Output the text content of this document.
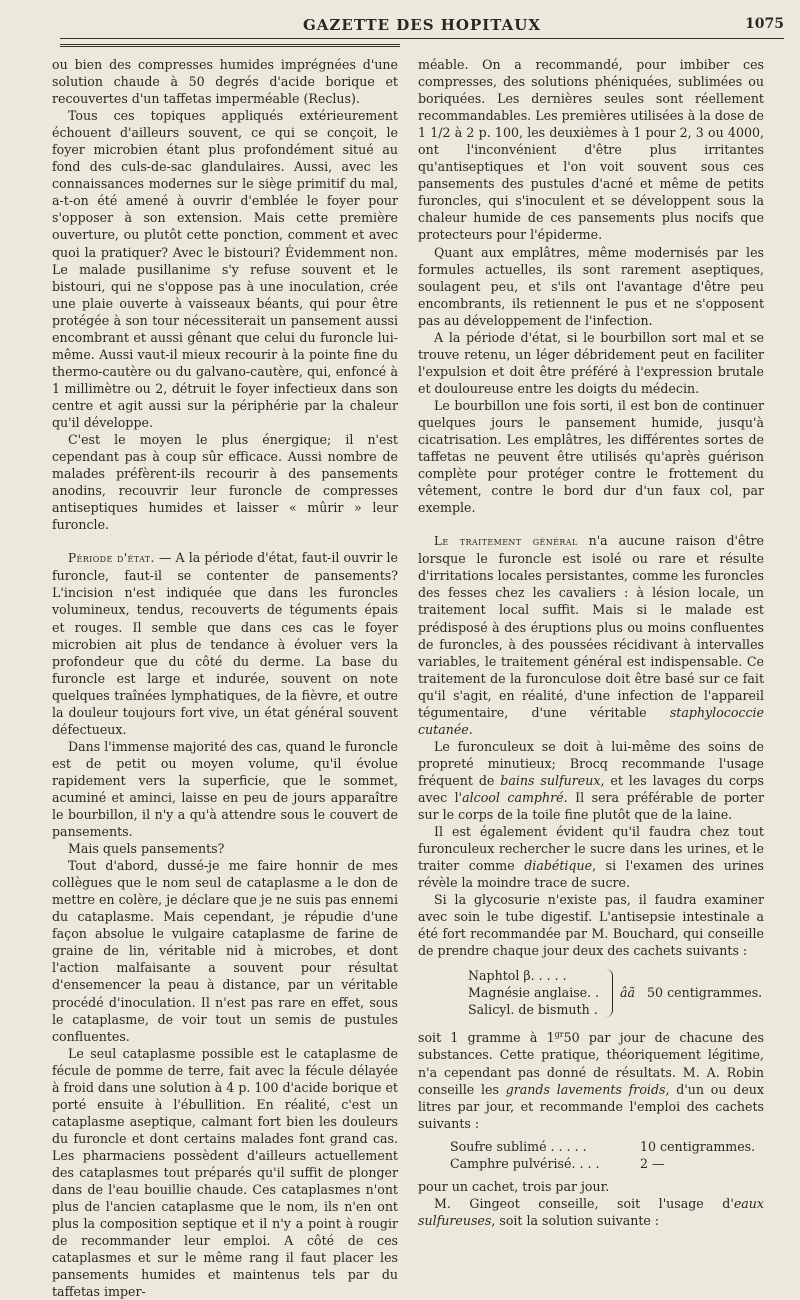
GAZETTE DES HOPITAUX	1075

ou bien des compresses humides imprégnées d'une solution chaude à 50 degrés d'acide borique et recouvertes d'un taffetas imperméable (Reclus).

Tous ces topiques appliqués extérieurement échouent d'ailleurs souvent, ce qui se conçoit, le foyer microbien étant plus profondément situé au fond des culs-de-sac glandulaires. Aussi, avec les connaissances modernes sur le siège primitif du mal, a-t-on été amené à ouvrir d'emblée le foyer pour s'opposer à son extension. Mais cette première ouverture, ou plutôt cette ponction, comment et avec quoi la pratiquer? Avec le bistouri? Évidemment non. Le malade pusillanime s'y refuse souvent et le bistouri, qui ne s'oppose pas à une inoculation, crée une plaie ouverte à vaisseaux béants, qui pour être protégée à son tour nécessiterait un pansement aussi encombrant et aussi gênant que celui du furoncle lui-même. Aussi vaut-il mieux recourir à la pointe fine du thermo-cautère ou du galvano-cautère, qui, enfoncé à 1 millimètre ou 2, détruit le foyer infectieux dans son centre et agit aussi sur la périphérie par la chaleur qu'il développe.

C'est le moyen le plus énergique; il n'est cependant pas à coup sûr efficace. Aussi nombre de malades préfèrent-ils recourir à des pansements anodins, recouvrir leur furoncle de compresses antiseptiques humides et laisser « mûrir » leur furoncle.

Période d'état. — A la période d'état, faut-il ouvrir le furoncle, faut-il se contenter de pansements? L'incision n'est indiquée que dans les furoncles volumineux, tendus, recouverts de téguments épais et rouges. Il semble que dans ces cas le foyer microbien ait plus de tendance à évoluer vers la profondeur que du côté du derme. La base du furoncle est large et indurée, souvent on note quelques traînées lymphatiques, de la fièvre, et outre la douleur toujours fort vive, un état général souvent défectueux.

Dans l'immense majorité des cas, quand le furoncle est de petit ou moyen volume, qu'il évolue rapidement vers la superficie, que le sommet, acuminé et aminci, laisse en peu de jours apparaître le bourbillon, il n'y a qu'à attendre sous le couvert de pansements.

Mais quels pansements?

Tout d'abord, dussé-je me faire honnir de mes collègues que le nom seul de cataplasme a le don de mettre en colère, je déclare que je ne suis pas ennemi du cataplasme. Mais cependant, je répudie d'une façon absolue le vulgaire cataplasme de farine de graine de lin, véritable nid à microbes, et dont l'action malfaisante a souvent pour résultat d'ensemencer la peau à distance, par un véritable procédé d'inoculation. Il n'est pas rare en effet, sous le cataplasme, de voir tout un semis de pustules confluentes.

Le seul cataplasme possible est le cataplasme de fécule de pomme de terre, fait avec la fécule délayée à froid dans une solution à 4 p. 100 d'acide borique et porté ensuite à l'ébullition. En réalité, c'est un cataplasme aseptique, calmant fort bien les douleurs du furoncle et dont certains malades font grand cas. Les pharmaciens possèdent d'ailleurs actuellement des cataplasmes tout préparés qu'il suffit de plonger dans de l'eau bouillie chaude. Ces cataplasmes n'ont plus de l'ancien cataplasme que le nom, ils n'en ont plus la composition septique et il n'y a point à rougir de recommander leur emploi. A côté de ces cataplasmes et sur le même rang il faut placer les pansements humides et maintenus tels par du taffetas imper-

méable. On a recommandé, pour imbiber ces compresses, des solutions phéniquées, sublimées ou boriquées. Les dernières seules sont réellement recommandables. Les premières utilisées à la dose de 1 1/2 à 2 p. 100, les deuxièmes à 1 pour 2, 3 ou 4000, ont l'inconvénient d'être plus irritantes qu'antiseptiques et l'on voit souvent sous ces pansements des pustules d'acné et même de petits furoncles, qui s'inoculent et se développent sous la chaleur humide de ces pansements plus nocifs que protecteurs pour l'épiderme.

Quant aux emplâtres, même modernisés par les formules actuelles, ils sont rarement aseptiques, soulagent peu, et s'ils ont l'avantage d'être peu encombrants, ils retiennent le pus et ne s'opposent pas au développement de l'infection.

A la période d'état, si le bourbillon sort mal et se trouve retenu, un léger débridement peut en faciliter l'expulsion et doit être préféré à l'expression brutale et douloureuse entre les doigts du médecin.

Le bourbillon une fois sorti, il est bon de continuer quelques jours le pansement humide, jusqu'à cicatrisation. Les emplâtres, les différentes sortes de taffetas ne peuvent être utilisés qu'après guérison complète pour protéger contre le frottement du vêtement, contre le bord dur d'un faux col, par exemple.

Le traitement général n'a aucune raison d'être lorsque le furoncle est isolé ou rare et résulte d'irritations locales persistantes, comme les furoncles des fesses chez les cavaliers : à lésion locale, un traitement local suffit. Mais si le malade est prédisposé à des éruptions plus ou moins confluentes de furoncles, à des poussées récidivant à intervalles variables, le traitement général est indispensable. Ce traitement de la furonculose doit être basé sur ce fait qu'il s'agit, en réalité, d'une infection de l'appareil tégumentaire, d'une véritable staphylococcie cutanée.

Le furonculeux se doit à lui-même des soins de propreté minutieux; Brocq recommande l'usage fréquent de bains sulfureux, et les lavages du corps avec l'alcool camphré. Il sera préférable de porter sur le corps de la toile fine plutôt que de la laine.

Il est également évident qu'il faudra chez tout furonculeux rechercher le sucre dans les urines, et le traiter comme diabétique, si l'examen des urines révèle la moindre trace de sucre.

Si la glycosurie n'existe pas, il faudra examiner avec soin le tube digestif. L'antisepsie intestinale a été fort recommandée par M. Bouchard, qui conseille de prendre chaque jour deux des cachets suivants :

Naphtol β. . . . .
Magnésie anglaise. .
Salicyl. de bismuth .
âã 50 centigrammes.

soit 1 gramme à $1^{gr}50$ par jour de chacune des substances. Cette pratique, théoriquement légitime, n'a cependant pas donné de résultats. M. A. Robin conseille les grands lavements froids, d'un ou deux litres par jour, et recommande l'emploi des cachets suivants :

Soufre sublimé . . . . .	10 centigrammes.
Camphre pulvérisé. . . .	2 —

pour un cachet, trois par jour.

M. Gingeot conseille, soit l'usage d'eaux sulfureuses, soit la solution suivante :
